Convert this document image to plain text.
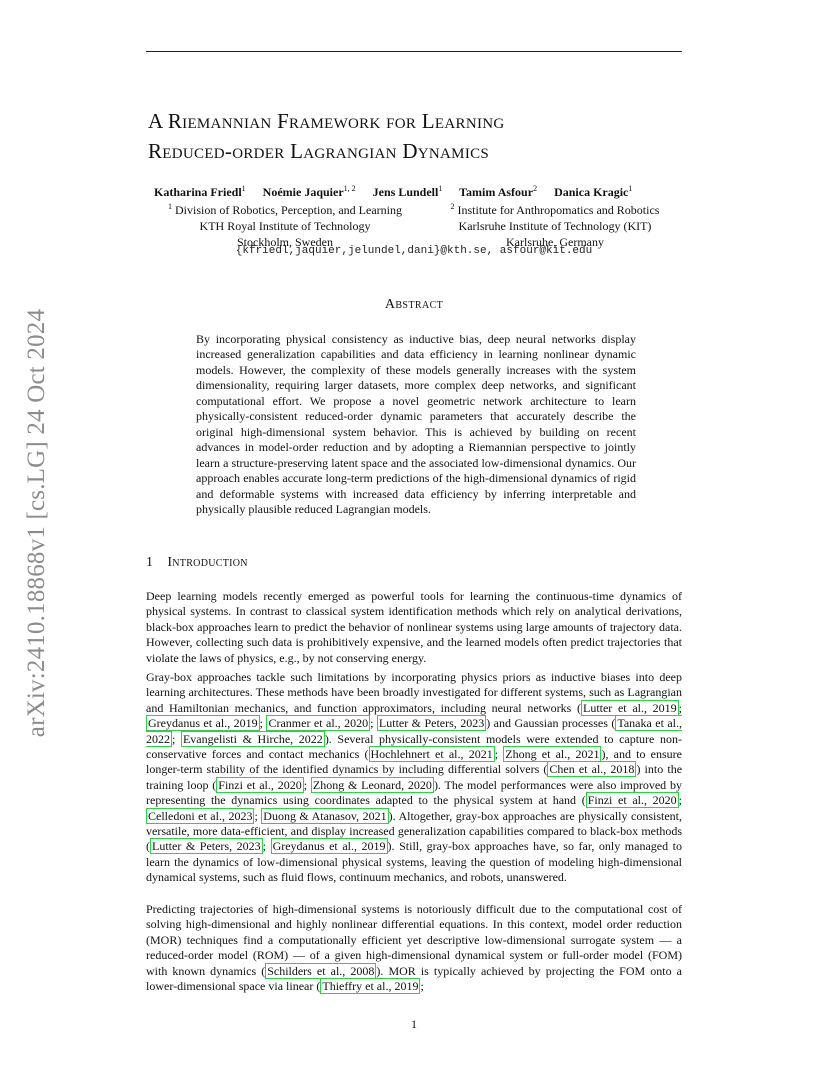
arXiv:2410.18868v1 [cs.LG] 24 Oct 2024
A Riemannian Framework for Learning
Reduced-order Lagrangian Dynamics
Katharina Friedl$^1$ Noémie Jaquier$^{1, 2}$ Jens Lundell$^1$ Tamim Asfour$^2$ Danica Kragic$^1$
$^1$ Division of Robotics, Perception, and Learning
KTH Royal Institute of Technology
Stockholm, Sweden
$^2$ Institute for Anthropomatics and Robotics
Karlsruhe Institute of Technology (KIT)
Karlsruhe, Germany
{kfriedl,jaquier,jelundel,dani}@kth.se, asfour@kit.edu
Abstract
By incorporating physical consistency as inductive bias, deep neural networks display increased generalization capabilities and data efficiency in learning nonlinear dynamic models. However, the complexity of these models generally increases with the system dimensionality, requiring larger datasets, more complex deep networks, and significant computational effort. We propose a novel geometric network architecture to learn physically-consistent reduced-order dynamic parameters that accurately describe the original high-dimensional system behavior. This is achieved by building on recent advances in model-order reduction and by adopting a Riemannian perspective to jointly learn a structure-preserving latent space and the associated low-dimensional dynamics. Our approach enables accurate long-term predictions of the high-dimensional dynamics of rigid and deformable systems with increased data efficiency by inferring interpretable and physically plausible reduced Lagrangian models.
1 Introduction
Deep learning models recently emerged as powerful tools for learning the continuous-time dynamics of physical systems. In contrast to classical system identification methods which rely on analytical derivations, black-box approaches learn to predict the behavior of nonlinear systems using large amounts of trajectory data. However, collecting such data is prohibitively expensive, and the learned models often predict trajectories that violate the laws of physics, e.g., by not conserving energy.
Gray-box approaches tackle such limitations by incorporating physics priors as inductive biases into deep learning architectures. These methods have been broadly investigated for different systems, such as Lagrangian and Hamiltonian mechanics, and function approximators, including neural networks ( Lutter et al., 2019 ; Greydanus et al., 2019 ; Cranmer et al., 2020 ; Lutter & Peters, 2023 ) and Gaussian processes ( Tanaka et al., 2022 ; Evangelisti & Hirche, 2022 ). Several physically-consistent models were extended to capture non-conservative forces and contact mechanics ( Hochlehnert et al., 2021 ; Zhong et al., 2021 ), and to ensure longer-term stability of the identified dynamics by including differential solvers ( Chen et al., 2018 ) into the training loop ( Finzi et al., 2020 ; Zhong & Leonard, 2020 ). The model performances were also improved by representing the dynamics using coordinates adapted to the physical system at hand ( Finzi et al., 2020 ; Celledoni et al., 2023 ; Duong & Atanasov, 2021 ). Altogether, gray-box approaches are physically consistent, versatile, more data-efficient, and display increased generalization capabilities compared to black-box methods ( Lutter & Peters, 2023 ; Greydanus et al., 2019 ). Still, gray-box approaches have, so far, only managed to learn the dynamics of low-dimensional physical systems, leaving the question of modeling high-dimensional dynamical systems, such as fluid flows, continuum mechanics, and robots, unanswered.
Predicting trajectories of high-dimensional systems is notoriously difficult due to the computational cost of solving high-dimensional and highly nonlinear differential equations. In this context, model order reduction (MOR) techniques find a computationally efficient yet descriptive low-dimensional surrogate system — a reduced-order model (ROM) — of a given high-dimensional dynamical system or full-order model (FOM) with known dynamics ( Schilders et al., 2008 ). MOR is typically achieved by projecting the FOM onto a lower-dimensional space via linear ( Thieffry et al., 2019 ;
1
